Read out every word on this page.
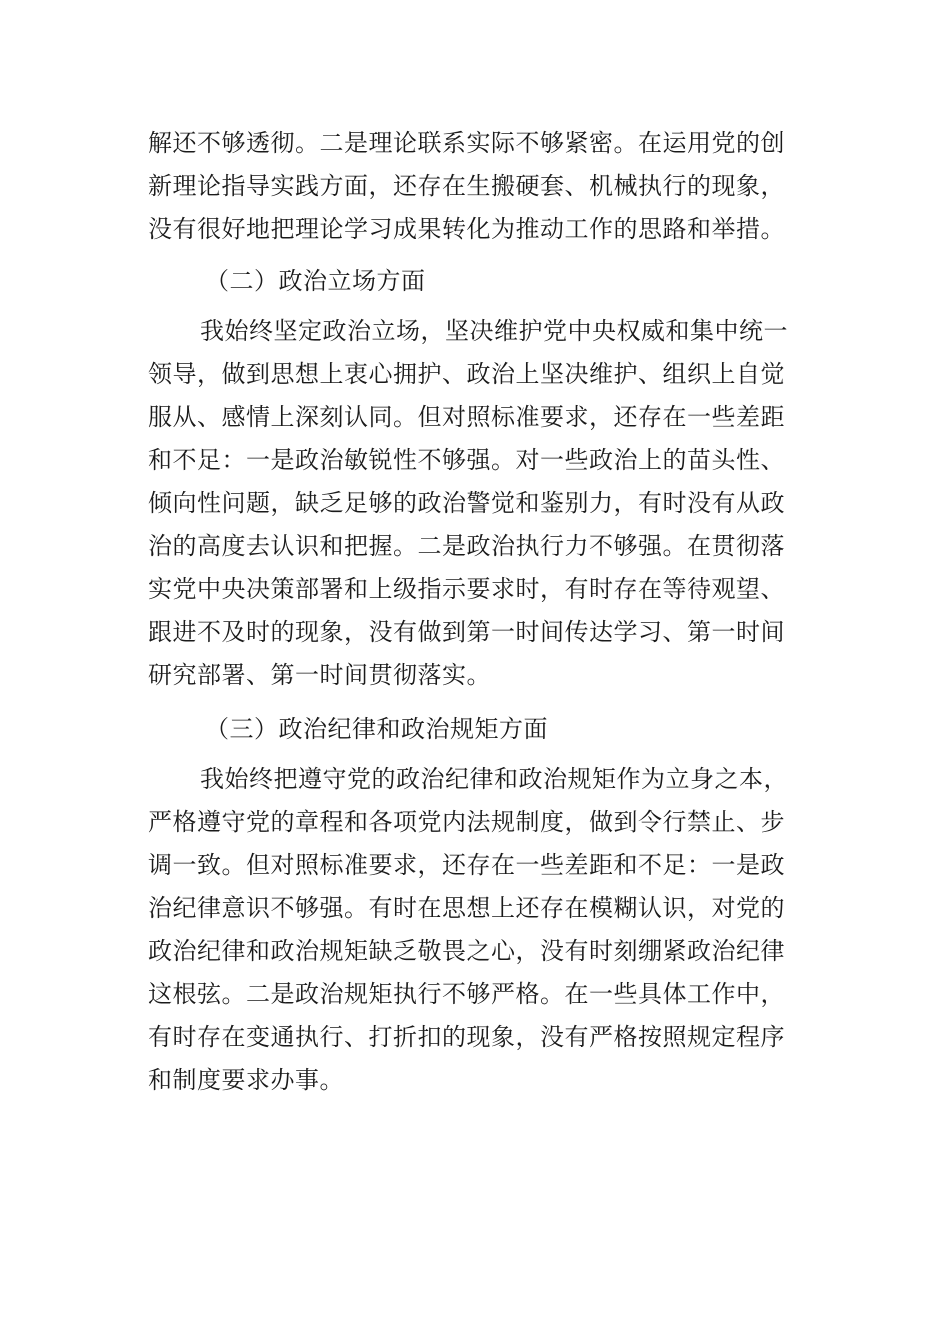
解还不够透彻。二是理论联系实际不够紧密。在运用党的创
新理论指导实践方面，还存在生搬硬套、机械执行的现象，
没有很好地把理论学习成果转化为推动工作的思路和举措。
（二）政治立场方面
我始终坚定政治立场，坚决维护党中央权威和集中统一
领导，做到思想上衷心拥护、政治上坚决维护、组织上自觉
服从、感情上深刻认同。但对照标准要求，还存在一些差距
和不足：一是政治敏锐性不够强。对一些政治上的苗头性、
倾向性问题，缺乏足够的政治警觉和鉴别力，有时没有从政
治的高度去认识和把握。二是政治执行力不够强。在贯彻落
实党中央决策部署和上级指示要求时，有时存在等待观望、
跟进不及时的现象，没有做到第一时间传达学习、第一时间
研究部署、第一时间贯彻落实。
（三）政治纪律和政治规矩方面
我始终把遵守党的政治纪律和政治规矩作为立身之本，
严格遵守党的章程和各项党内法规制度，做到令行禁止、步
调一致。但对照标准要求，还存在一些差距和不足：一是政
治纪律意识不够强。有时在思想上还存在模糊认识，对党的
政治纪律和政治规矩缺乏敬畏之心，没有时刻绷紧政治纪律
这根弦。二是政治规矩执行不够严格。在一些具体工作中，
有时存在变通执行、打折扣的现象，没有严格按照规定程序
和制度要求办事。
